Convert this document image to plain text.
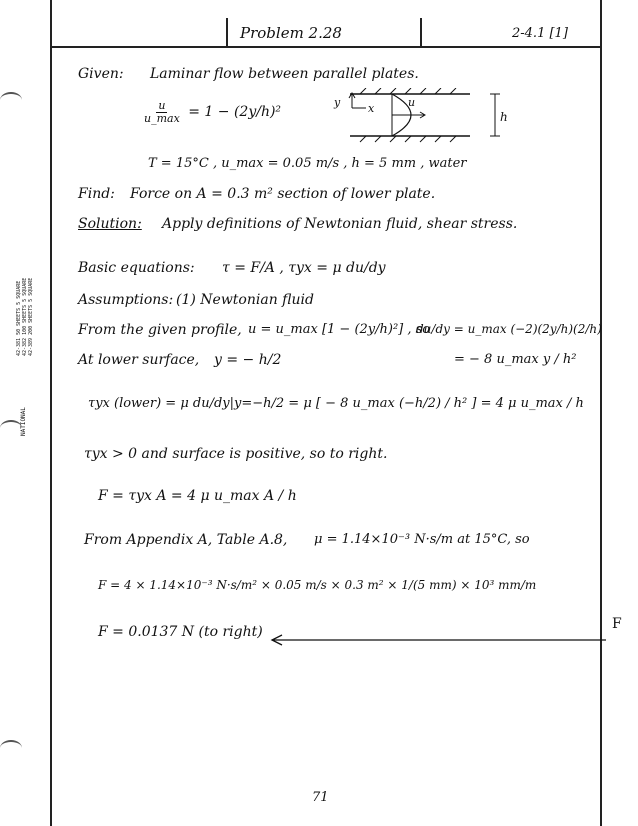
42-381 50 SHEETS 5 SQUARE 42-382 100 SHEETS 5 SQUARE 42-389 200 SHEETS 5 SQUARE
NATIONAL
Problem 2.28	2-4.1 [1]
Given: Laminar flow between parallel plates.
$\frac{u}{u\_\max} = 1 - (2y/h)^2$
y	x	u
h
T = 15°C , u_max = 0.05 m/s , h = 5 mm , water
Find: Force on A = 0.3 m² section of lower plate.
Solution: Apply definitions of Newtonian fluid, shear stress.
Basic equations: τ = F/A , τyx = μ du/dy
Assumptions: (1) Newtonian fluid
From the given profile, u = u_max [1 − (2y/h)²] , so
du/dy = u_max (−2)(2y/h)(2/h)
At lower surface, y = − h/2	= − 8 u_max y / h²
τyx (lower) = μ du/dy|y=−h/2 = μ [ − 8 u_max (−h/2) / h² ] = 4 μ u_max / h
τyx > 0 and surface is positive, so to right.
F = τyx A = 4 μ u_max A / h
From Appendix A, Table A.8, μ = 1.14×10⁻³ N·s/m at 15°C, so
F = 4 × 1.14×10⁻³ N·s/m² × 0.05 m/s × 0.3 m² × 1/(5 mm) × 10³ mm/m
F = 0.0137 N (to right)	F
71
